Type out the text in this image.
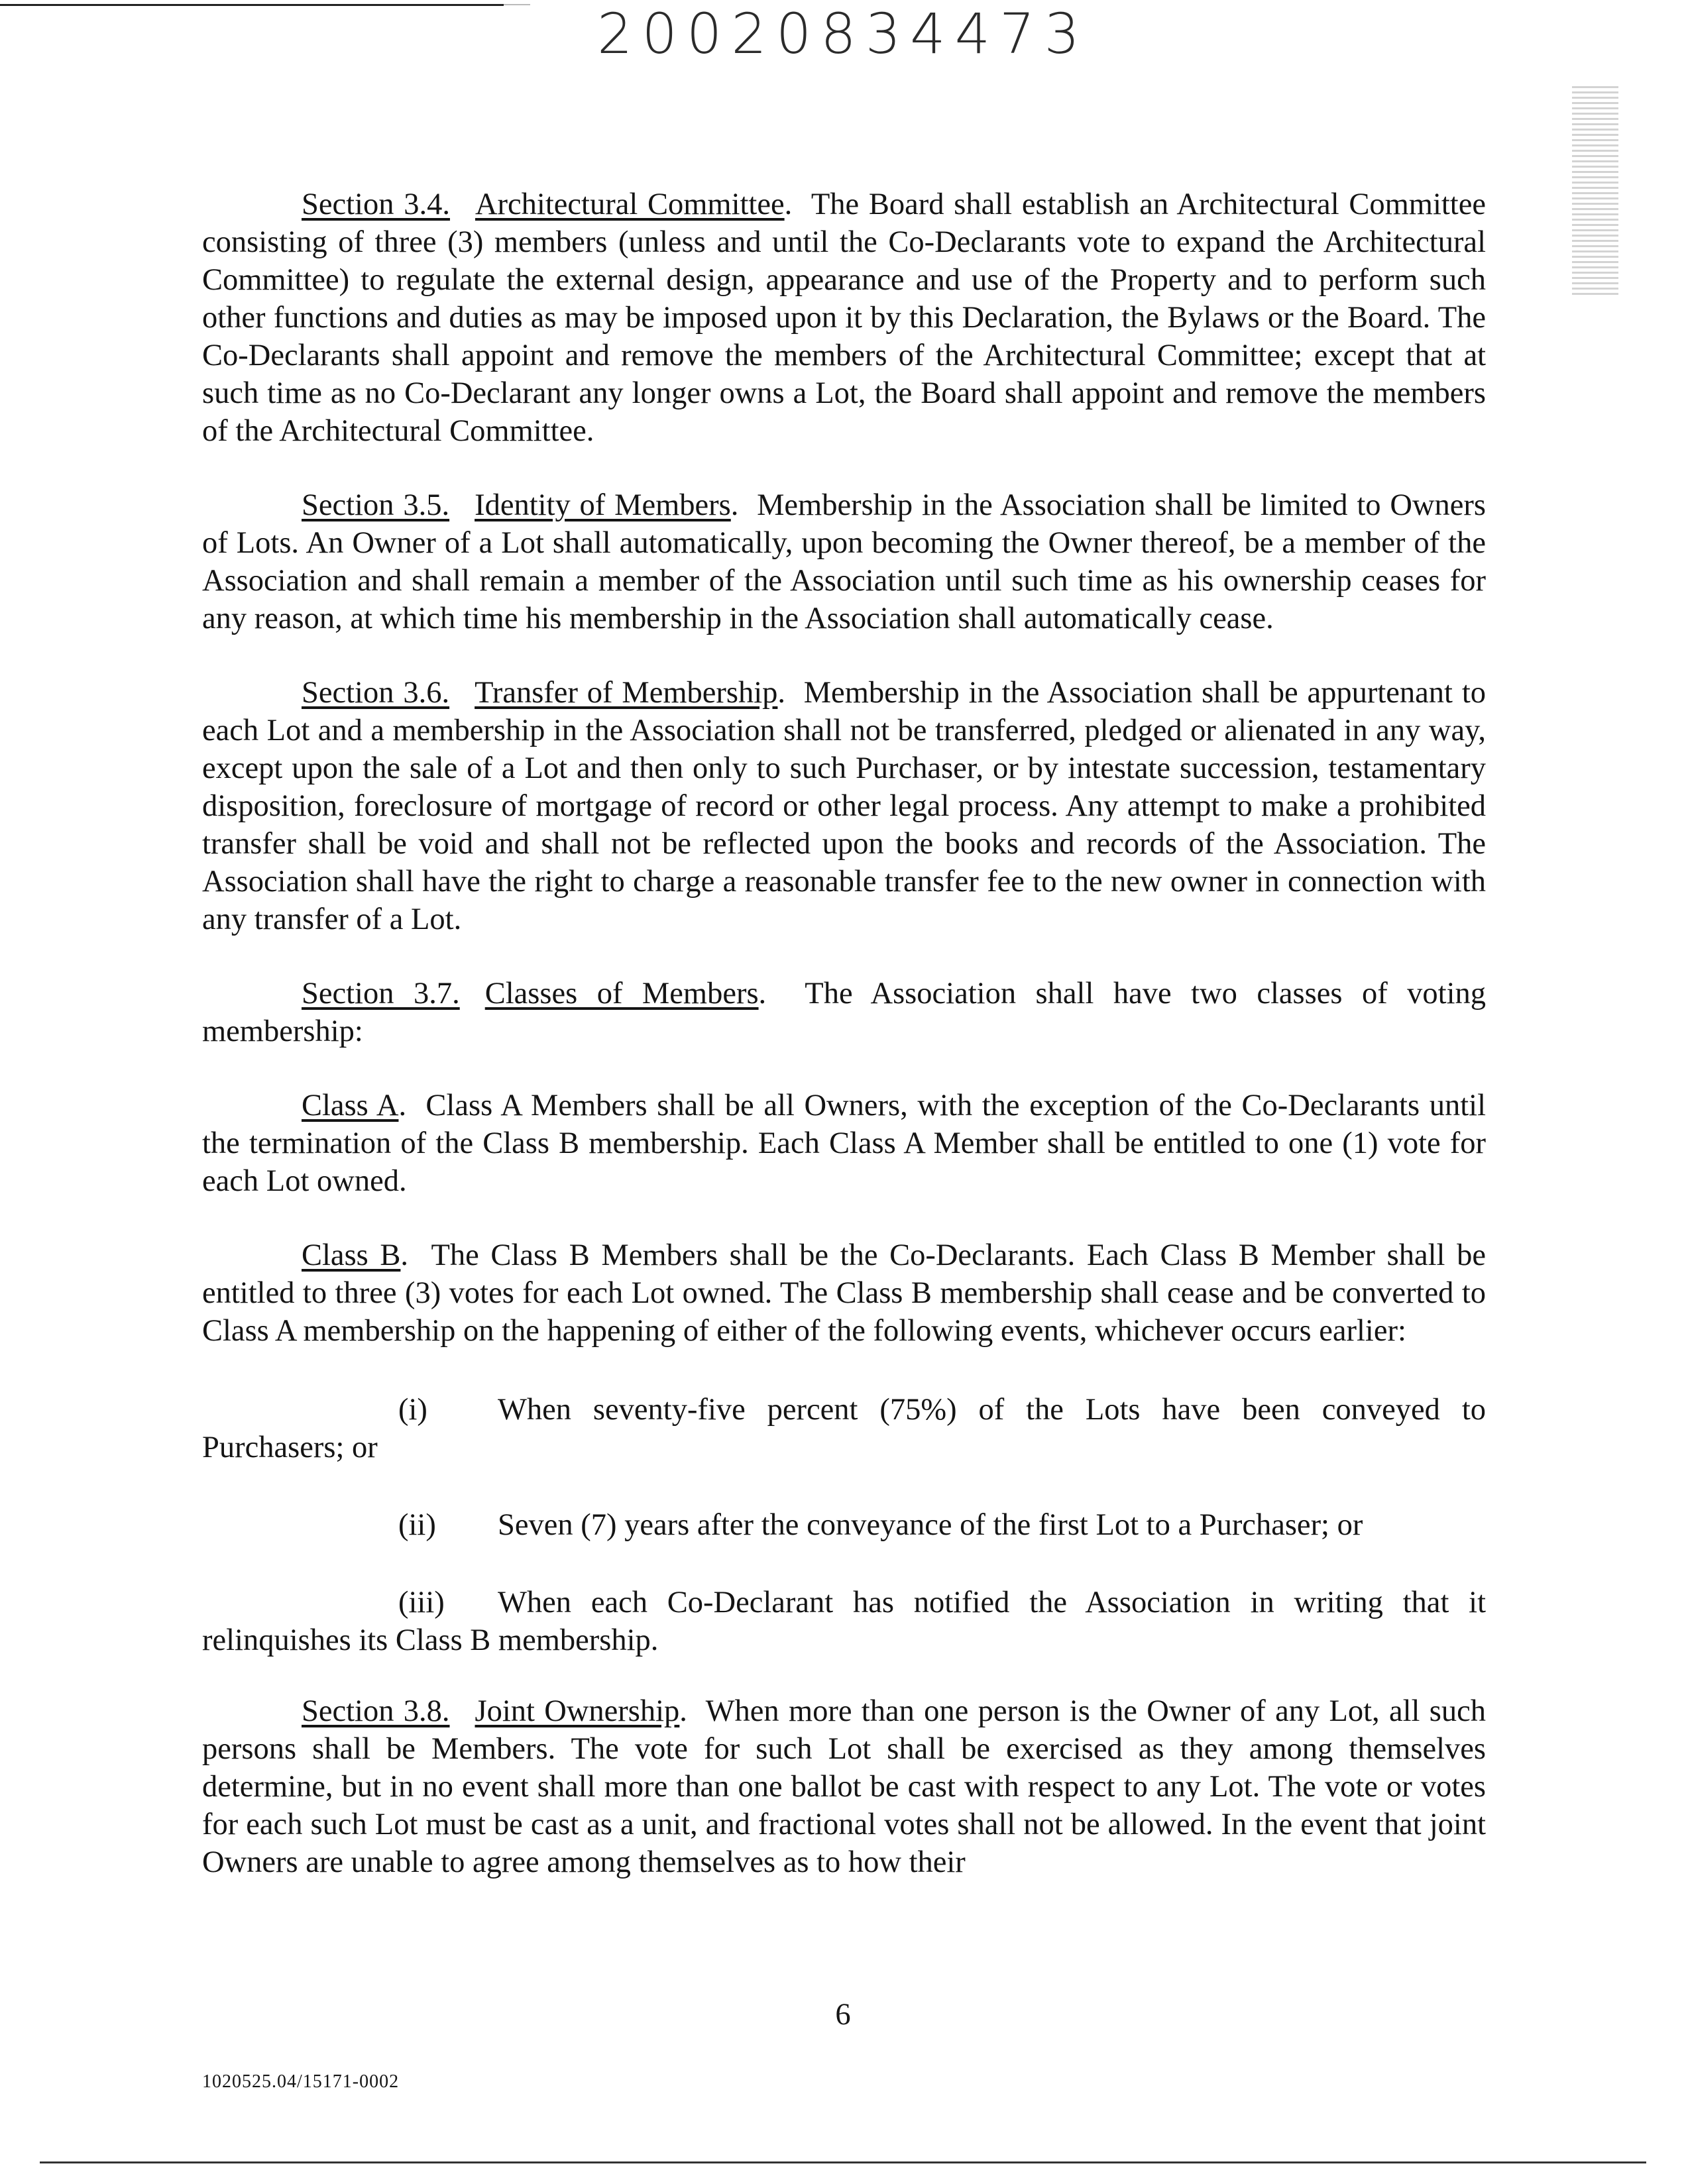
20020834473

Section 3.4. Architectural Committee.  The Board shall establish an Architectural Committee consisting of three (3) members (unless and until the Co-Declarants vote to expand the Architectural Committee) to regulate the external design, appearance and use of the Property and to perform such other functions and duties as may be imposed upon it by this Declaration, the Bylaws or the Board. The Co-Declarants shall appoint and remove the members of the Architectural Committee; except that at such time as no Co-Declarant any longer owns a Lot, the Board shall appoint and remove the members of the Architectural Committee.

Section 3.5. Identity of Members.  Membership in the Association shall be limited to Owners of Lots. An Owner of a Lot shall automatically, upon becoming the Owner thereof, be a member of the Association and shall remain a member of the Association until such time as his ownership ceases for any reason, at which time his membership in the Association shall automatically cease.

Section 3.6. Transfer of Membership.  Membership in the Association shall be appurtenant to each Lot and a membership in the Association shall not be transferred, pledged or alienated in any way, except upon the sale of a Lot and then only to such Purchaser, or by intestate succession, testamentary disposition, foreclosure of mortgage of record or other legal process. Any attempt to make a prohibited transfer shall be void and shall not be reflected upon the books and records of the Association. The Association shall have the right to charge a reasonable transfer fee to the new owner in connection with any transfer of a Lot.

Section 3.7. Classes of Members.  The Association shall have two classes of voting membership:

Class A.  Class A Members shall be all Owners, with the exception of the Co-Declarants until the termination of the Class B membership. Each Class A Member shall be entitled to one (1) vote for each Lot owned.

Class B.  The Class B Members shall be the Co-Declarants. Each Class B Member shall be entitled to three (3) votes for each Lot owned. The Class B membership shall cease and be converted to Class A membership on the happening of either of the following events, whichever occurs earlier:

(i) When seventy-five percent (75%) of the Lots have been conveyed to Purchasers; or

(ii) Seven (7) years after the conveyance of the first Lot to a Purchaser; or

(iii) When each Co-Declarant has notified the Association in writing that it relinquishes its Class B membership.

Section 3.8. Joint Ownership.  When more than one person is the Owner of any Lot, all such persons shall be Members. The vote for such Lot shall be exercised as they among themselves determine, but in no event shall more than one ballot be cast with respect to any Lot. The vote or votes for each such Lot must be cast as a unit, and fractional votes shall not be allowed. In the event that joint Owners are unable to agree among themselves as to how their

6
1020525.04/15171-0002
